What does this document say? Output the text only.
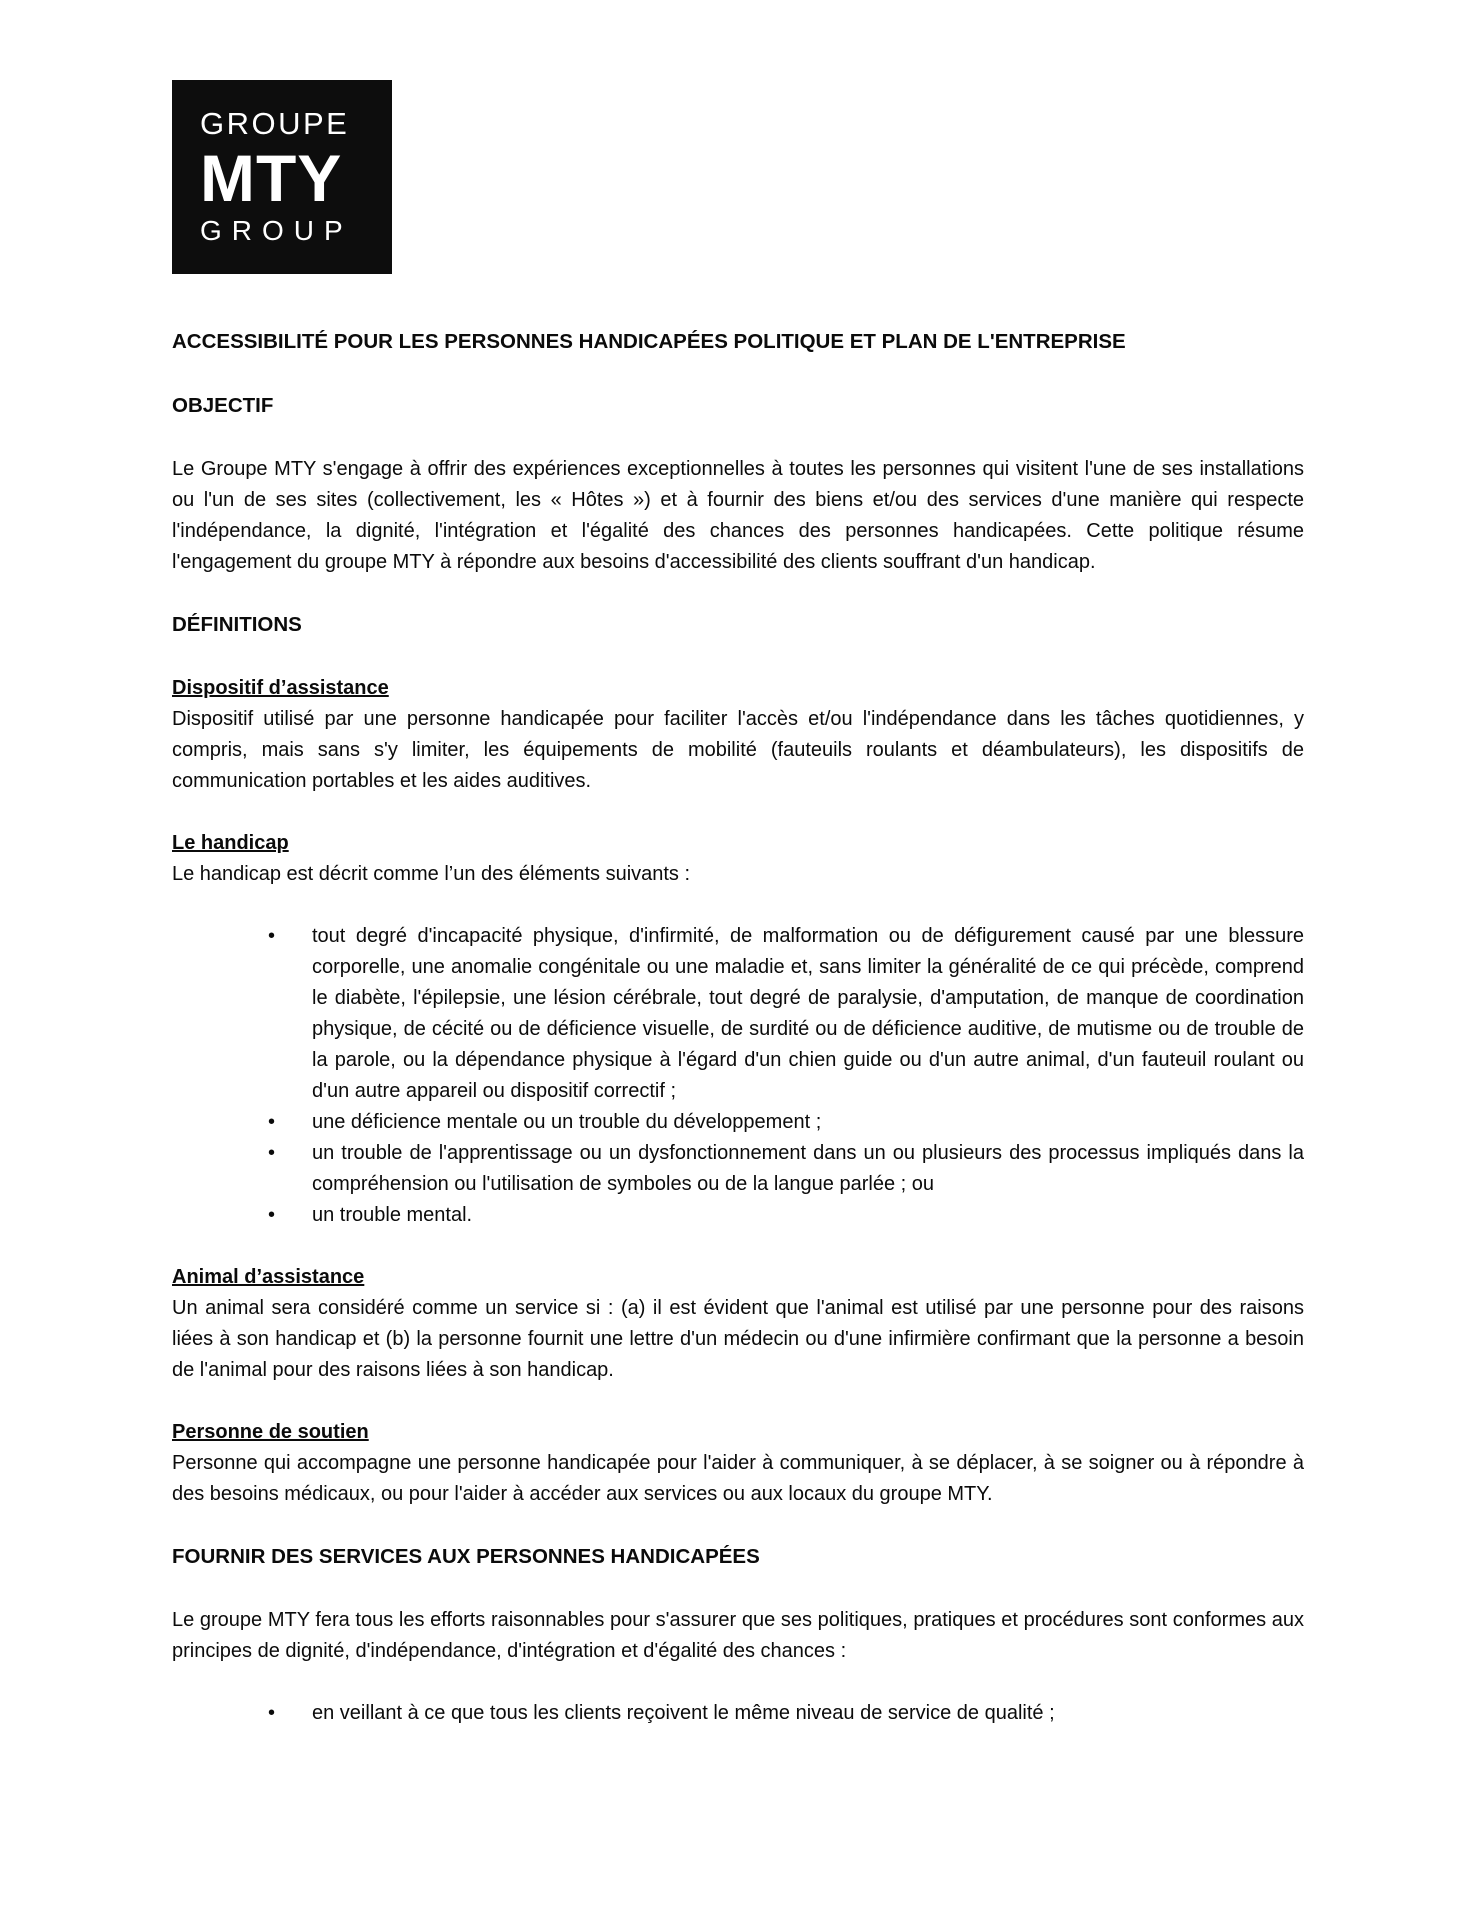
GROUPE
MTY
GROUP
ACCESSIBILITÉ POUR LES PERSONNES HANDICAPÉES POLITIQUE ET PLAN DE L'ENTREPRISE
OBJECTIF

Le Groupe MTY s'engage à offrir des expériences exceptionnelles à toutes les personnes qui visitent l'une de ses installations ou l'un de ses sites (collectivement, les « Hôtes ») et à fournir des biens et/ou des services d'une manière qui respecte l'indépendance, la dignité, l'intégration et l'égalité des chances des personnes handicapées. Cette politique résume l'engagement du groupe MTY à répondre aux besoins d'accessibilité des clients souffrant d'un handicap.

DÉFINITIONS
Dispositif d’assistance

Dispositif utilisé par une personne handicapée pour faciliter l'accès et/ou l'indépendance dans les tâches quotidiennes, y compris, mais sans s'y limiter, les équipements de mobilité (fauteuils roulants et déambulateurs), les dispositifs de communication portables et les aides auditives.

Le handicap

Le handicap est décrit comme l’un des éléments suivants :

• tout degré d'incapacité physique, d'infirmité, de malformation ou de défigurement causé par une blessure corporelle, une anomalie congénitale ou une maladie et, sans limiter la généralité de ce qui précède, comprend le diabète, l'épilepsie, une lésion cérébrale, tout degré de paralysie, d'amputation, de manque de coordination physique, de cécité ou de déficience visuelle, de surdité ou de déficience auditive, de mutisme ou de trouble de la parole, ou la dépendance physique à l'égard d'un chien guide ou d'un autre animal, d'un fauteuil roulant ou d'un autre appareil ou dispositif correctif ;
• une déficience mentale ou un trouble du développement ;
• un trouble de l'apprentissage ou un dysfonctionnement dans un ou plusieurs des processus impliqués dans la compréhension ou l'utilisation de symboles ou de la langue parlée ; ou
• un trouble mental.
Animal d’assistance

Un animal sera considéré comme un service si : (a) il est évident que l'animal est utilisé par une personne pour des raisons liées à son handicap et (b) la personne fournit une lettre d'un médecin ou d'une infirmière confirmant que la personne a besoin de l'animal pour des raisons liées à son handicap.

Personne de soutien

Personne qui accompagne une personne handicapée pour l'aider à communiquer, à se déplacer, à se soigner ou à répondre à des besoins médicaux, ou pour l'aider à accéder aux services ou aux locaux du groupe MTY.

FOURNIR DES SERVICES AUX PERSONNES HANDICAPÉES

Le groupe MTY fera tous les efforts raisonnables pour s'assurer que ses politiques, pratiques et procédures sont conformes aux principes de dignité, d'indépendance, d'intégration et d'égalité des chances :

• en veillant à ce que tous les clients reçoivent le même niveau de service de qualité ;
